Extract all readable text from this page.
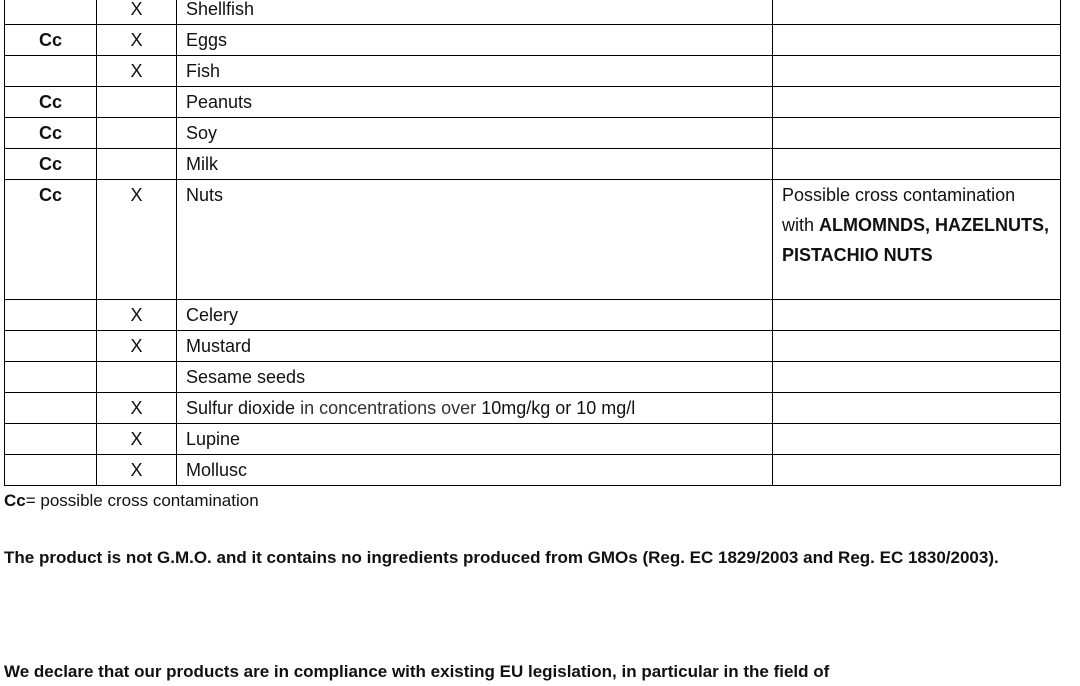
	X	Shellfish	
Cc	X	Eggs	
	X	Fish	
Cc		Peanuts	
Cc		Soy	
Cc		Milk	
Cc	X	Nuts	Possible cross contamination with ALMOMNDS, HAZELNUTS, PISTACHIO NUTS
	X	Celery	
	X	Mustard	
		Sesame seeds	
	X	Sulfur dioxide in concentrations over 10mg/kg or 10 mg/l	
	X	Lupine	
	X	Mollusc	
Cc= possible cross contamination
The product is not G.M.O. and it contains no ingredients produced from GMOs (Reg. EC 1829/2003 and Reg. EC 1830/2003).
We declare that our products are in compliance with existing EU legislation, in particular in the field of
